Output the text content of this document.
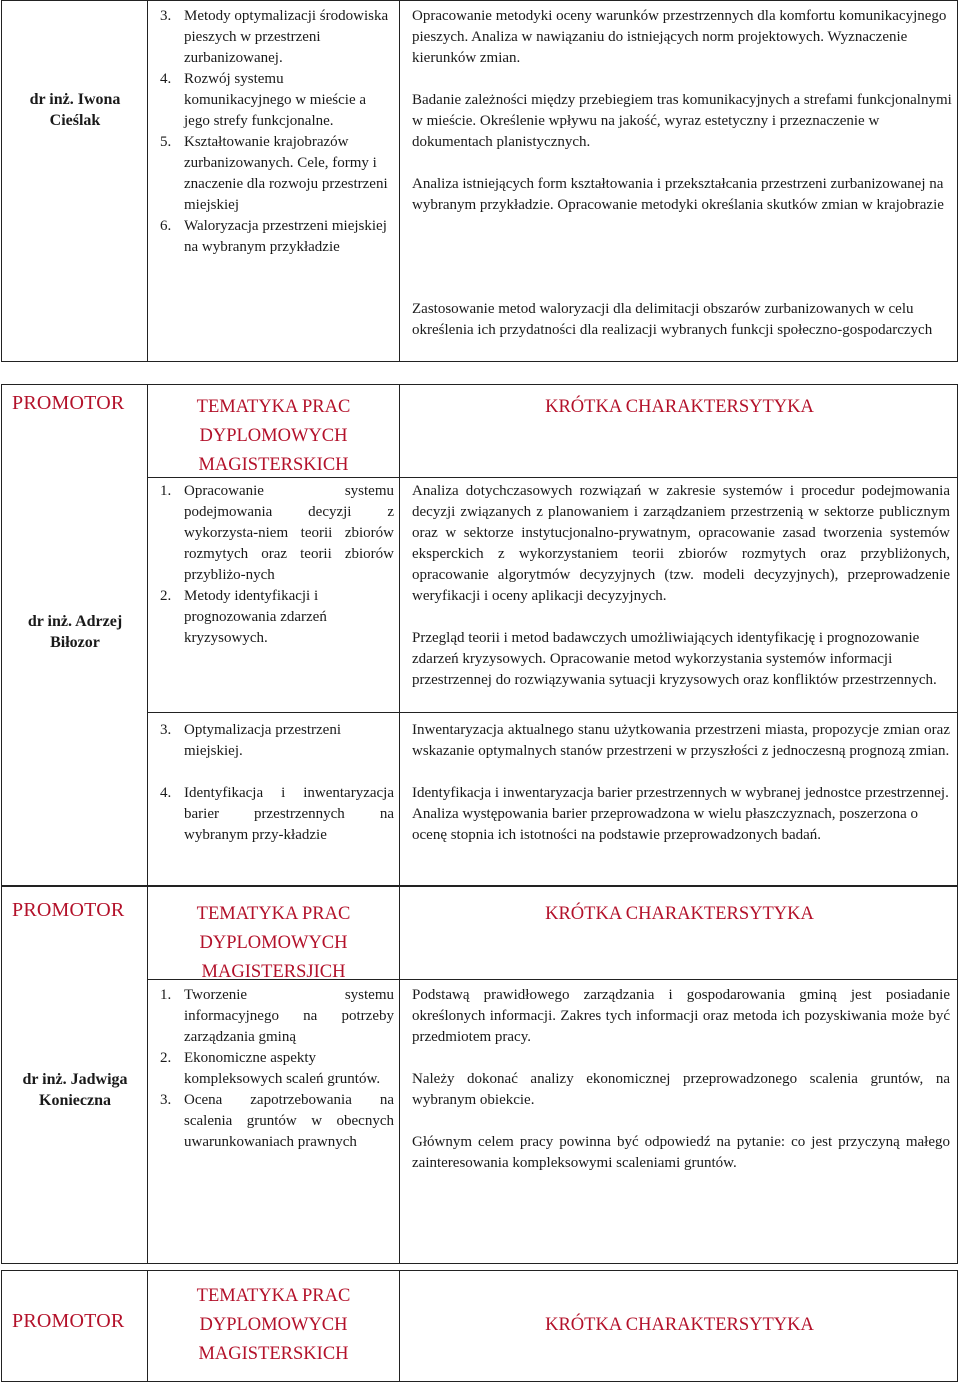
dr inż. Iwona Cieślak
3. Metody optymalizacji środowiska pieszych w przestrzeni zurbanizowanej.
4. Rozwój systemu komunikacyjnego w mieście a jego strefy funkcjonalne.
5. Kształtowanie krajobrazów zurbanizowanych. Cele, formy i znaczenie dla rozwoju przestrzeni miejskiej
6. Waloryzacja przestrzeni miejskiej na wybranym przykładzie
Opracowanie metodyki oceny warunków przestrzennych dla komfortu komunikacyjnego pieszych. Analiza w nawiązaniu do istniejących norm projektowych. Wyznaczenie kierunków zmian.
Badanie zależności między przebiegiem tras komunikacyjnych a strefami funkcjonalnymi w mieście. Określenie wpływu na jakość, wyraz estetyczny i przeznaczenie w dokumentach planistycznych.
Analiza istniejących form kształtowania i przekształcania przestrzeni zurbanizowanej na wybranym przykładzie. Opracowanie metodyki określania skutków zmian w krajobrazie
Zastosowanie metod waloryzacji dla delimitacji obszarów zurbanizowanych w celu określenia ich przydatności dla realizacji wybranych funkcji społeczno-gospodarczych
PROMOTOR	TEMATYKA PRAC
DYPLOMOWYCH
MAGISTERSKICH
KRÓTKA CHARAKTERSYTYKA
dr inż. Adrzej Biłozor
1. Opracowanie systemu podejmowania decyzji z wykorzysta-niem teorii zbiorów rozmytych oraz teorii zbiorów przybliżo-nych
2. Metody identyfikacji i prognozowania zdarzeń kryzysowych.
3. Optymalizacja przestrzeni miejskiej.
4. Identyfikacja i inwentaryzacja barier przestrzennych na wybranym przy-kładzie
Analiza dotychczasowych rozwiązań w zakresie systemów i procedur podejmowania decyzji związanych z planowaniem i zarządzaniem przestrzenią w sektorze publicznym oraz w sektorze instytucjonalno-prywatnym, opracowanie zasad tworzenia systemów eksperckich z wykorzystaniem teorii zbiorów rozmytych oraz przybliżonych, opracowanie algorytmów decyzyjnych (tzw. modeli decyzyjnych), przeprowadzenie weryfikacji i oceny aplikacji decyzyjnych.
Przegląd teorii i metod badawczych umożliwiających identyfikację i prognozowanie zdarzeń kryzysowych. Opracowanie metod wykorzystania systemów informacji przestrzennej do rozwiązywania sytuacji kryzysowych oraz konfliktów przestrzennych.
Inwentaryzacja aktualnego stanu użytkowania przestrzeni miasta, propozycje zmian oraz wskazanie optymalnych stanów przestrzeni w przyszłości z jednoczesną prognozą zmian.
Identyfikacja i inwentaryzacja barier przestrzennych w wybranej jednostce przestrzennej. Analiza występowania barier przeprowadzona w wielu płaszczyznach, poszerzona o ocenę stopnia ich istotności na podstawie przeprowadzonych badań.
PROMOTOR	TEMATYKA PRAC
DYPLOMOWYCH
MAGISTERSJICH
KRÓTKA CHARAKTERSYTYKA
dr inż. Jadwiga Konieczna
1. Tworzenie systemu informacyjnego na potrzeby zarządzania gminą
2. Ekonomiczne aspekty kompleksowych scaleń gruntów.
3. Ocena zapotrzebowania na scalenia gruntów w obecnych uwarunkowaniach prawnych
Podstawą prawidłowego zarządzania i gospodarowania gminą jest posiadanie określonych informacji. Zakres tych informacji oraz metoda ich pozyskiwania może być przedmiotem pracy.
Należy dokonać analizy ekonomicznej przeprowadzonego scalenia gruntów, na wybranym obiekcie.
Głównym celem pracy powinna być odpowiedź na pytanie: co jest przyczyną małego zainteresowania kompleksowymi scaleniami gruntów.
PROMOTOR
TEMATYKA PRAC
DYPLOMOWYCH
MAGISTERSKICH
KRÓTKA CHARAKTERSYTYKA
